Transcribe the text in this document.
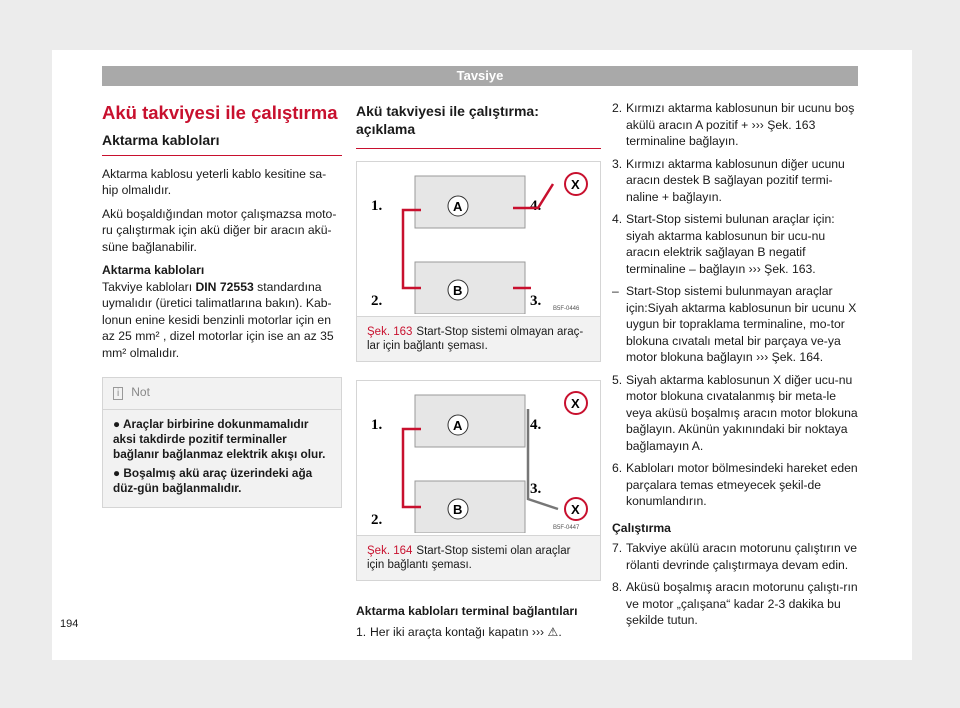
Tavsiye
Akü takviyesi ile çalıştırma
Aktarma kabloları

Aktarma kablosu yeterli kablo kesitine sa-hip olmalıdır.

Akü boşaldığından motor çalışmazsa moto-ru çalıştırmak için akü diğer bir aracın akü-süne bağlanabilir.

Aktarma kabloları

Takviye kabloları DIN 72553 standardına uymalıdır (üretici talimatlarına bakın). Kab-lonun enine kesidi benzinli motorlar için en az 25 mm² , dizel motorlar için ise an az 35 mm² olmalıdır.

i Not
● Araçlar birbirine dokunmamalıdır aksi takdirde pozitif terminaller bağlanır bağlanmaz elektrik akışı olur.
● Boşalmış akü araç üzerindeki ağa düz-gün bağlanmalıdır.
Akü takviyesi ile çalıştırma: açıklama
1.
2.	3.
4.
A
B
X
B5F-0446
Şek. 163 Start-Stop sistemi olmayan araç-lar için bağlantı şeması.
1.
2.
3.
4.
A
B
X
X
B5F-0447
Şek. 164 Start-Stop sistemi olan araçlar için bağlantı şeması.

Aktarma kabloları terminal bağlantıları

1. Her iki araçta kontağı kapatın ››› ⚠.
2. Kırmızı aktarma kablosunun bir ucunu boş akülü aracın A pozitif + ››› Şek. 163 terminaline bağlayın.
3. Kırmızı aktarma kablosunun diğer ucunu aracın destek B sağlayan pozitif termi-naline + bağlayın.
4. Start-Stop sistemi bulunan araçlar için: siyah aktarma kablosunun bir ucu-nu aracın elektrik sağlayan B negatif terminaline – bağlayın ››› Şek. 163.
– Start-Stop sistemi bulunmayan araçlar için:Siyah aktarma kablosunun bir ucunu X uygun bir topraklama terminaline, mo-tor blokuna cıvatalı metal bir parçaya ve-ya motor blokuna bağlayın ››› Şek. 164.
5. Siyah aktarma kablosunun X diğer ucu-nu motor blokuna cıvatalanmış bir meta-le veya aküsü boşalmış aracın motor blokuna bağlayın. Akünün yakınındaki bir noktaya bağlamayın A.
6. Kabloları motor bölmesindeki hareket eden parçalara temas etmeyecek şekil-de konumlandırın.

Çalıştırma

7. Takviye akülü aracın motorunu çalıştırın ve rölanti devrinde çalıştırmaya devam edin.
8. Aküsü boşalmış aracın motorunu çalıştı-rın ve motor „çalışana“ kadar 2-3 dakika bu şekilde tutun.
194
